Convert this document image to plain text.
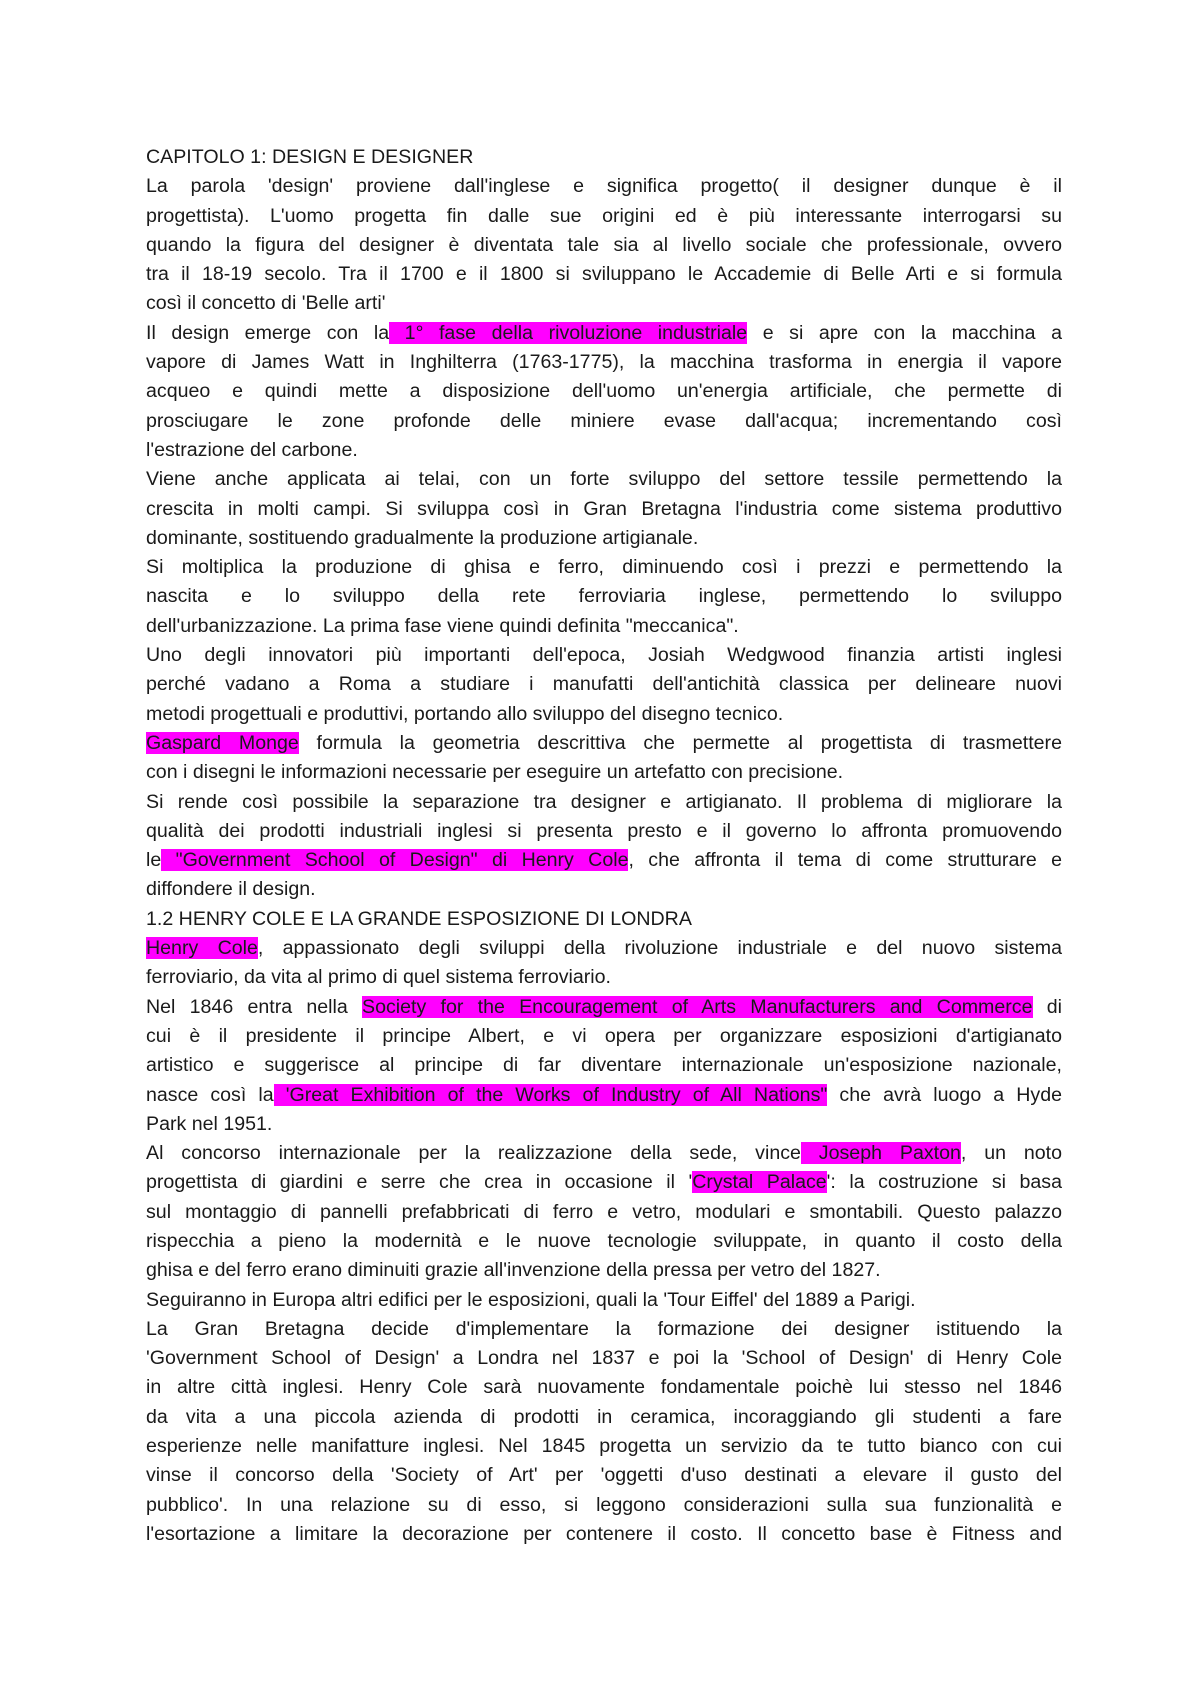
CAPITOLO 1: DESIGN E DESIGNER
La parola 'design' proviene dall'inglese e significa progetto( il designer dunque è il
progettista). L'uomo progetta fin dalle sue origini ed è più interessante interrogarsi su
quando la figura del designer è diventata tale sia al livello sociale che professionale, ovvero
tra il 18-19 secolo. Tra il 1700 e il 1800 si sviluppano le Accademie di Belle Arti e si formula
così il concetto di 'Belle arti'
Il design emerge con la 1° fase della rivoluzione industriale e si apre con la macchina a
vapore di James Watt in Inghilterra (1763-1775), la macchina trasforma in energia il vapore
acqueo e quindi mette a disposizione dell'uomo un'energia artificiale, che permette di
prosciugare le zone profonde delle miniere evase dall'acqua; incrementando così
l'estrazione del carbone.
Viene anche applicata ai telai, con un forte sviluppo del settore tessile permettendo la
crescita in molti campi. Si sviluppa così in Gran Bretagna l'industria come sistema produttivo
dominante, sostituendo gradualmente la produzione artigianale.
Si moltiplica la produzione di ghisa e ferro, diminuendo così i prezzi e permettendo la
nascita e lo sviluppo della rete ferroviaria inglese, permettendo lo sviluppo
dell'urbanizzazione. La prima fase viene quindi definita "meccanica".
Uno degli innovatori più importanti dell'epoca, Josiah Wedgwood finanzia artisti inglesi
perché vadano a Roma a studiare i manufatti dell'antichità classica per delineare nuovi
metodi progettuali e produttivi, portando allo sviluppo del disegno tecnico.
Gaspard Monge formula la geometria descrittiva che permette al progettista di trasmettere
con i disegni le informazioni necessarie per eseguire un artefatto con precisione.
Si rende così possibile la separazione tra designer e artigianato. Il problema di migliorare la
qualità dei prodotti industriali inglesi si presenta presto e il governo lo affronta promuovendo
le "Government School of Design" di Henry Cole, che affronta il tema di come strutturare e
diffondere il design.
1.2 HENRY COLE E LA GRANDE ESPOSIZIONE DI LONDRA
Henry Cole, appassionato degli sviluppi della rivoluzione industriale e del nuovo sistema
ferroviario, da vita al primo di quel sistema ferroviario.
Nel 1846 entra nella Society for the Encouragement of Arts Manufacturers and Commerce di
cui è il presidente il principe Albert, e vi opera per organizzare esposizioni d'artigianato
artistico e suggerisce al principe di far diventare internazionale un'esposizione nazionale,
nasce così la 'Great Exhibition of the Works of Industry of All Nations" che avrà luogo a Hyde
Park nel 1951.
Al concorso internazionale per la realizzazione della sede, vince Joseph Paxton, un noto
progettista di giardini e serre che crea in occasione il 'Crystal Palace': la costruzione si basa
sul montaggio di pannelli prefabbricati di ferro e vetro, modulari e smontabili. Questo palazzo
rispecchia a pieno la modernità e le nuove tecnologie sviluppate, in quanto il costo della
ghisa e del ferro erano diminuiti grazie all'invenzione della pressa per vetro del 1827.
Seguiranno in Europa altri edifici per le esposizioni, quali la 'Tour Eiffel' del 1889 a Parigi.
La Gran Bretagna decide d'implementare la formazione dei designer istituendo la
'Government School of Design' a Londra nel 1837 e poi la 'School of Design' di Henry Cole
in altre città inglesi. Henry Cole sarà nuovamente fondamentale poichè lui stesso nel 1846
da vita a una piccola azienda di prodotti in ceramica, incoraggiando gli studenti a fare
esperienze nelle manifatture inglesi. Nel 1845 progetta un servizio da te tutto bianco con cui
vinse il concorso della 'Society of Art' per 'oggetti d'uso destinati a elevare il gusto del
pubblico'. In una relazione su di esso, si leggono considerazioni sulla sua funzionalità e
l'esortazione a limitare la decorazione per contenere il costo. Il concetto base è Fitness and
